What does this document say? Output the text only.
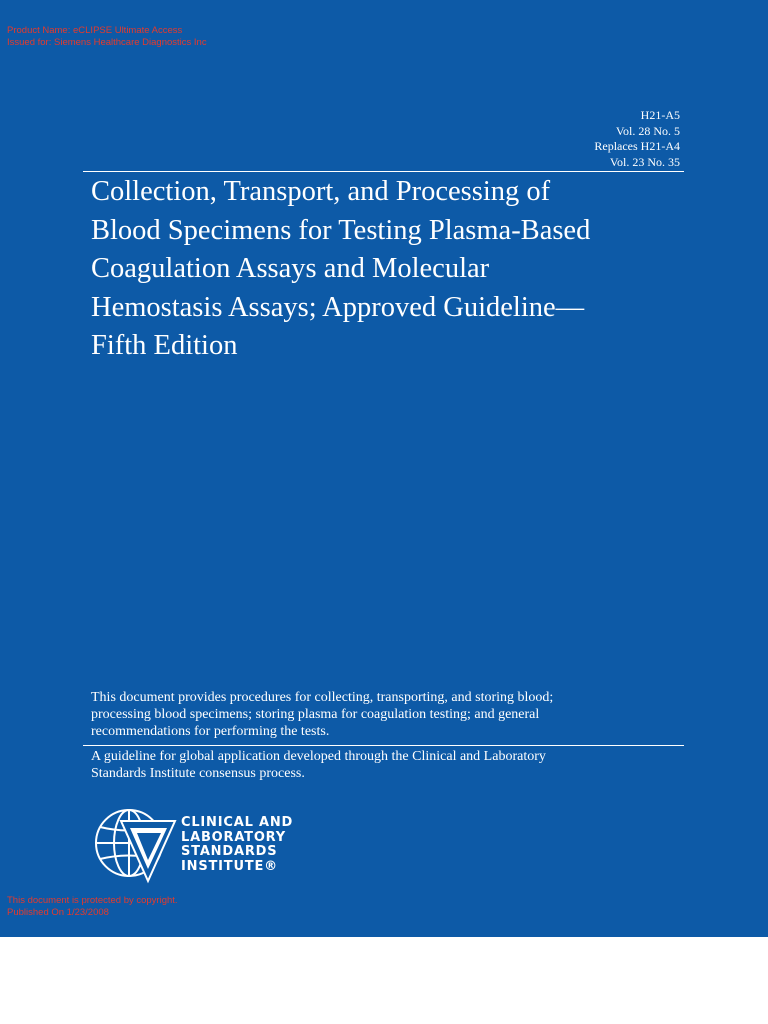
Product Name: eCLIPSE Ultimate Access
Issued for: Siemens Healthcare Diagnostics Inc
H21-A5
Vol. 28 No. 5
Replaces H21-A4
Vol. 23 No. 35
Collection, Transport, and Processing of
Blood Specimens for Testing Plasma-Based
Coagulation Assays and Molecular
Hemostasis Assays; Approved Guideline—
Fifth Edition
This document provides procedures for collecting, transporting, and storing blood;
processing blood specimens; storing plasma for coagulation testing; and general
recommendations for performing the tests.
A guideline for global application developed through the Clinical and Laboratory
Standards Institute consensus process.
CLINICAL AND
LABORATORY
STANDARDS
INSTITUTE®
This document is protected by copyright.
Published On 1/23/2008
